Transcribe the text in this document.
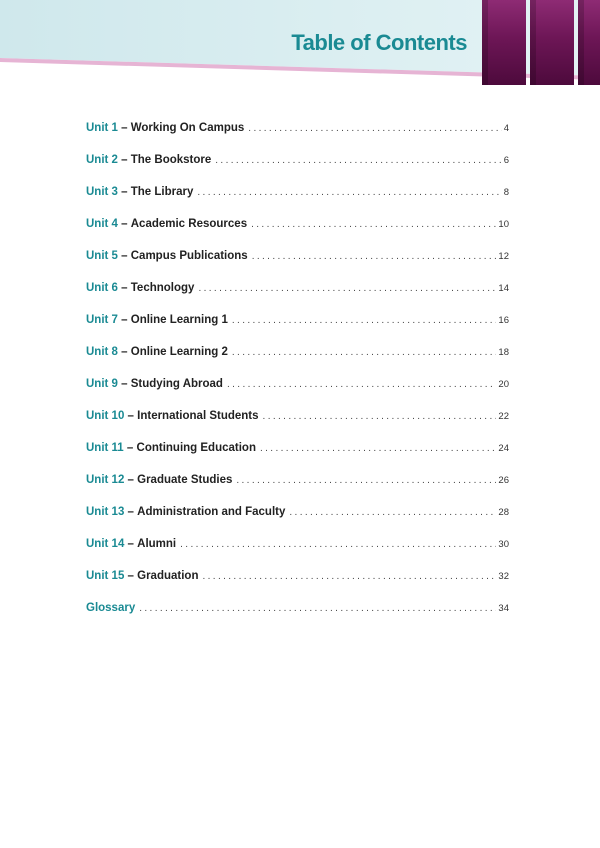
Table of Contents
Unit 1 – Working On Campus . . .	4
Unit 2 – The Bookstore . . .	6
Unit 3 – The Library . . .	8
Unit 4 – Academic Resources . . .	10
Unit 5 – Campus Publications . . .	12
Unit 6 – Technology . . .	14
Unit 7 – Online Learning 1 . . .	16
Unit 8 – Online Learning 2 . . .	18
Unit 9 – Studying Abroad . . .	20
Unit 10 – International Students . . .	22
Unit 11 – Continuing Education . . .	24
Unit 12 – Graduate Studies . . .	26
Unit 13 – Administration and Faculty . . .	28
Unit 14 – Alumni . . .	30
Unit 15 – Graduation . . .	32
Glossary . . .	34
